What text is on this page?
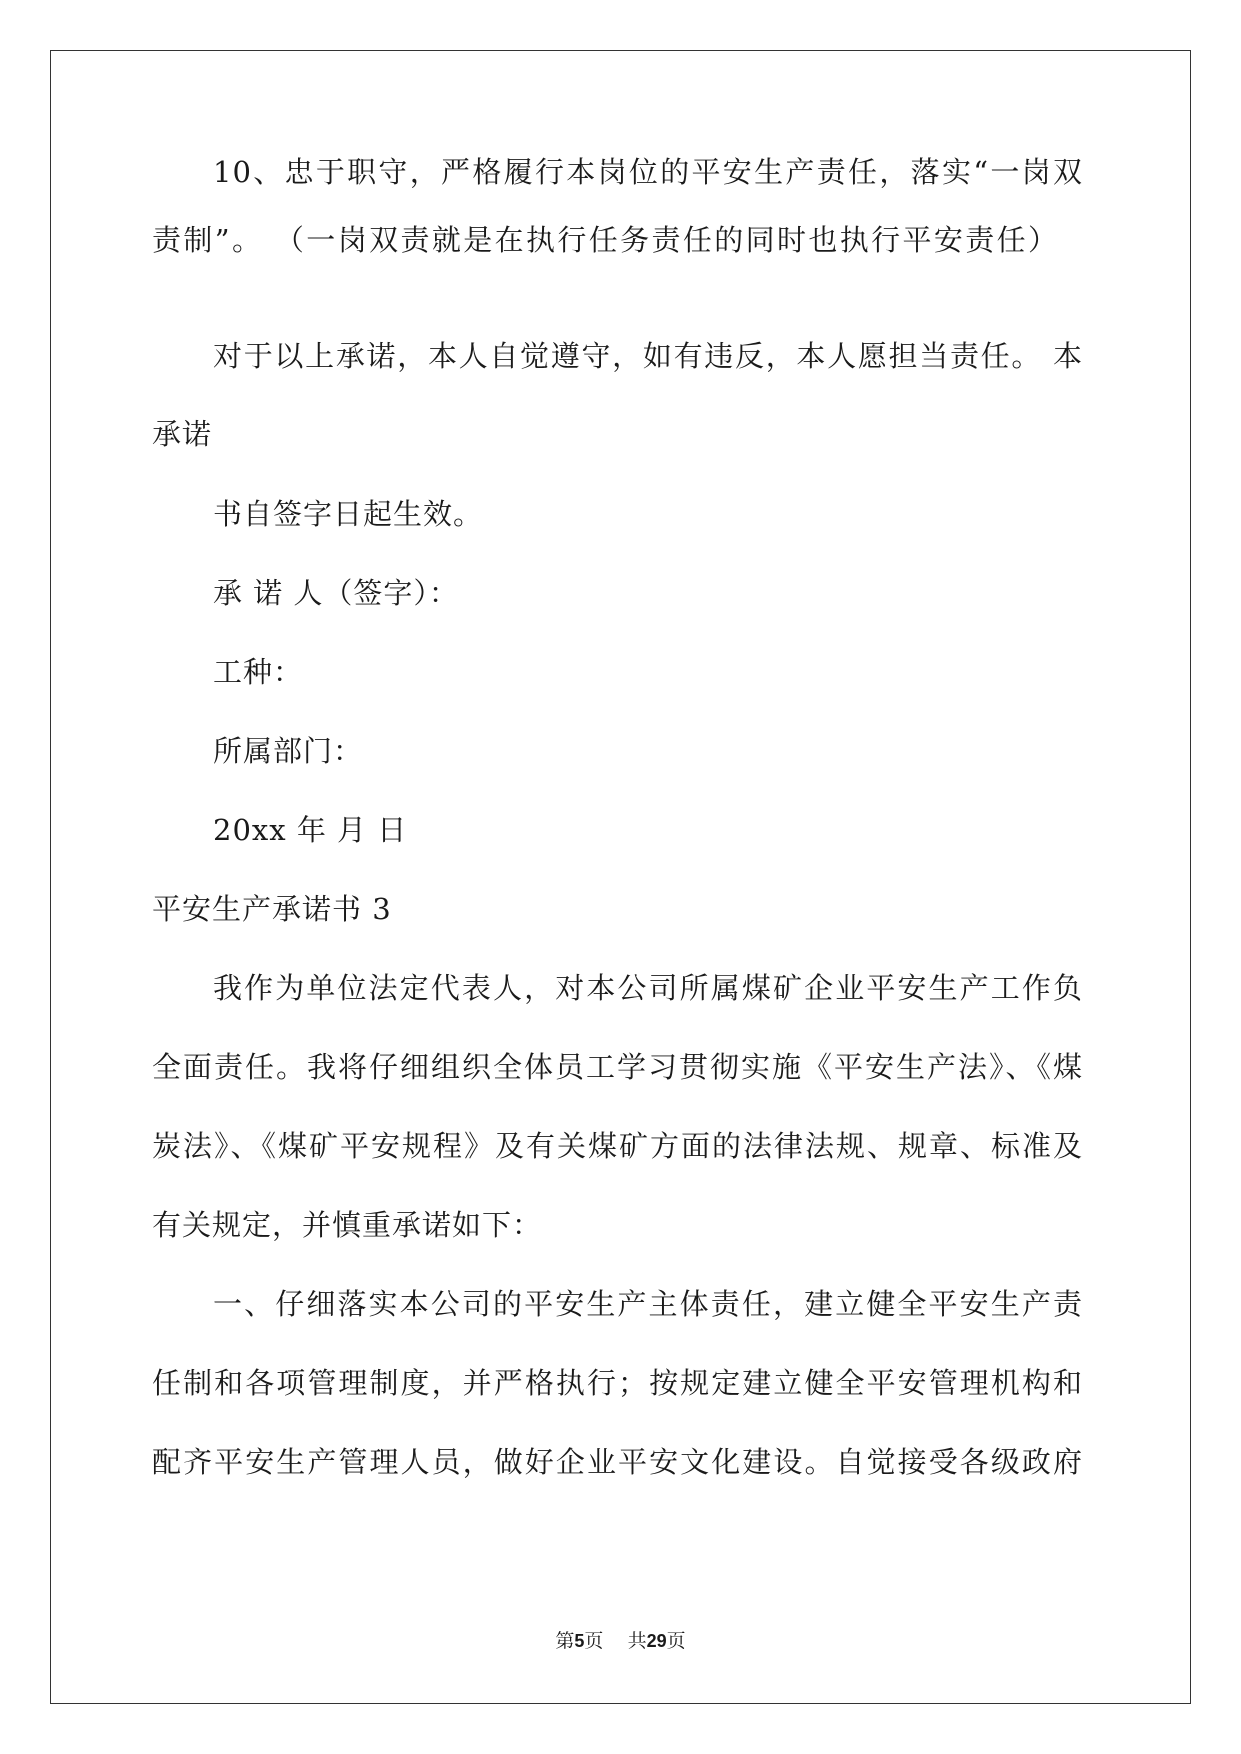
10、忠于职守，严格履行本岗位的平安生产责任，落实“一岗双
责制”。 （一岗双责就是在执行任务责任的同时也执行平安责任）
对于以上承诺，本人自觉遵守，如有违反，本人愿担当责任。 本
承诺
书自签字日起生效。
承 诺 人（签字）：
工种：
所属部门：
20xx 年 月 日
平安生产承诺书 3
我作为单位法定代表人，对本公司所属煤矿企业平安生产工作负
全面责任。我将仔细组织全体员工学习贯彻实施《平安生产法》、《煤
炭法》、《煤矿平安规程》及有关煤矿方面的法律法规、规章、标准及
有关规定，并慎重承诺如下：
一、仔细落实本公司的平安生产主体责任，建立健全平安生产责
任制和各项管理制度，并严格执行；按规定建立健全平安管理机构和
配齐平安生产管理人员，做好企业平安文化建设。自觉接受各级政府
第5页 共29页
